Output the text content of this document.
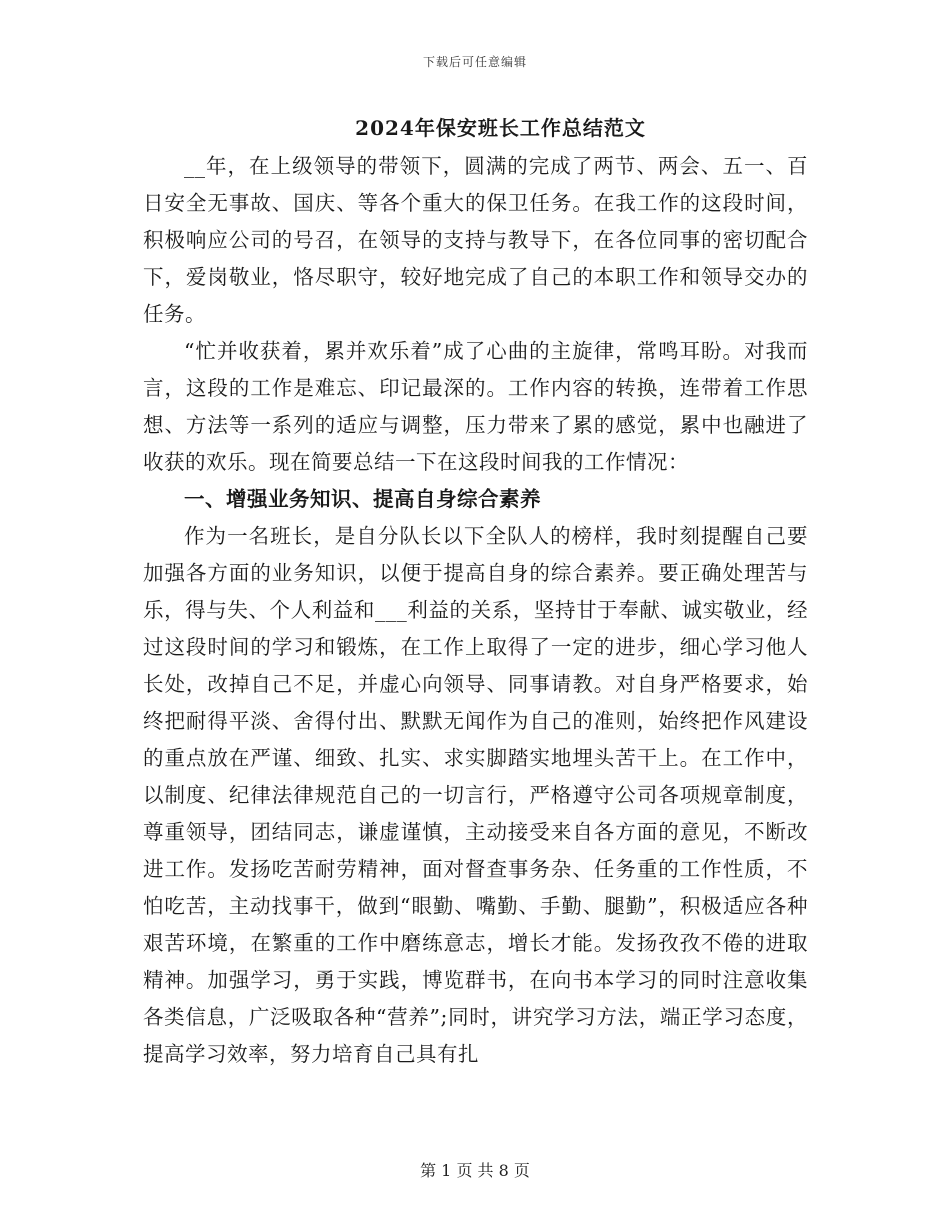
下载后可任意编辑
2024年保安班长工作总结范文

__年，在上级领导的带领下，圆满的完成了两节、两会、五一、百日安全无事故、国庆、等各个重大的保卫任务。在我工作的这段时间，积极响应公司的号召，在领导的支持与教导下，在各位同事的密切配合下，爱岗敬业，恪尽职守，较好地完成了自己的本职工作和领导交办的任务。

“忙并收获着，累并欢乐着”成了心曲的主旋律，常鸣耳盼。对我而言，这段的工作是难忘、印记最深的。工作内容的转换，连带着工作思想、方法等一系列的适应与调整，压力带来了累的感觉，累中也融进了收获的欢乐。现在简要总结一下在这段时间我的工作情况：

一、增强业务知识、提高自身综合素养

作为一名班长，是自分队长以下全队人的榜样，我时刻提醒自己要加强各方面的业务知识，以便于提高自身的综合素养。要正确处理苦与乐，得与失、个人利益和___利益的关系，坚持甘于奉献、诚实敬业，经过这段时间的学习和锻炼，在工作上取得了一定的进步，细心学习他人长处，改掉自己不足，并虚心向领导、同事请教。对自身严格要求，始终把耐得平淡、舍得付出、默默无闻作为自己的准则，始终把作风建设的重点放在严谨、细致、扎实、求实脚踏实地埋头苦干上。在工作中，以制度、纪律法律规范自己的一切言行，严格遵守公司各项规章制度，尊重领导，团结同志，谦虚谨慎，主动接受来自各方面的意见，不断改进工作。发扬吃苦耐劳精神，面对督查事务杂、任务重的工作性质，不怕吃苦，主动找事干，做到“眼勤、嘴勤、手勤、腿勤”，积极适应各种艰苦环境，在繁重的工作中磨练意志，增长才能。发扬孜孜不倦的进取精神。加强学习，勇于实践，博览群书，在向书本学习的同时注意收集各类信息，广泛吸取各种“营养”;同时，讲究学习方法，端正学习态度，提高学习效率，努力培育自己具有扎

第 1 页 共 8 页
